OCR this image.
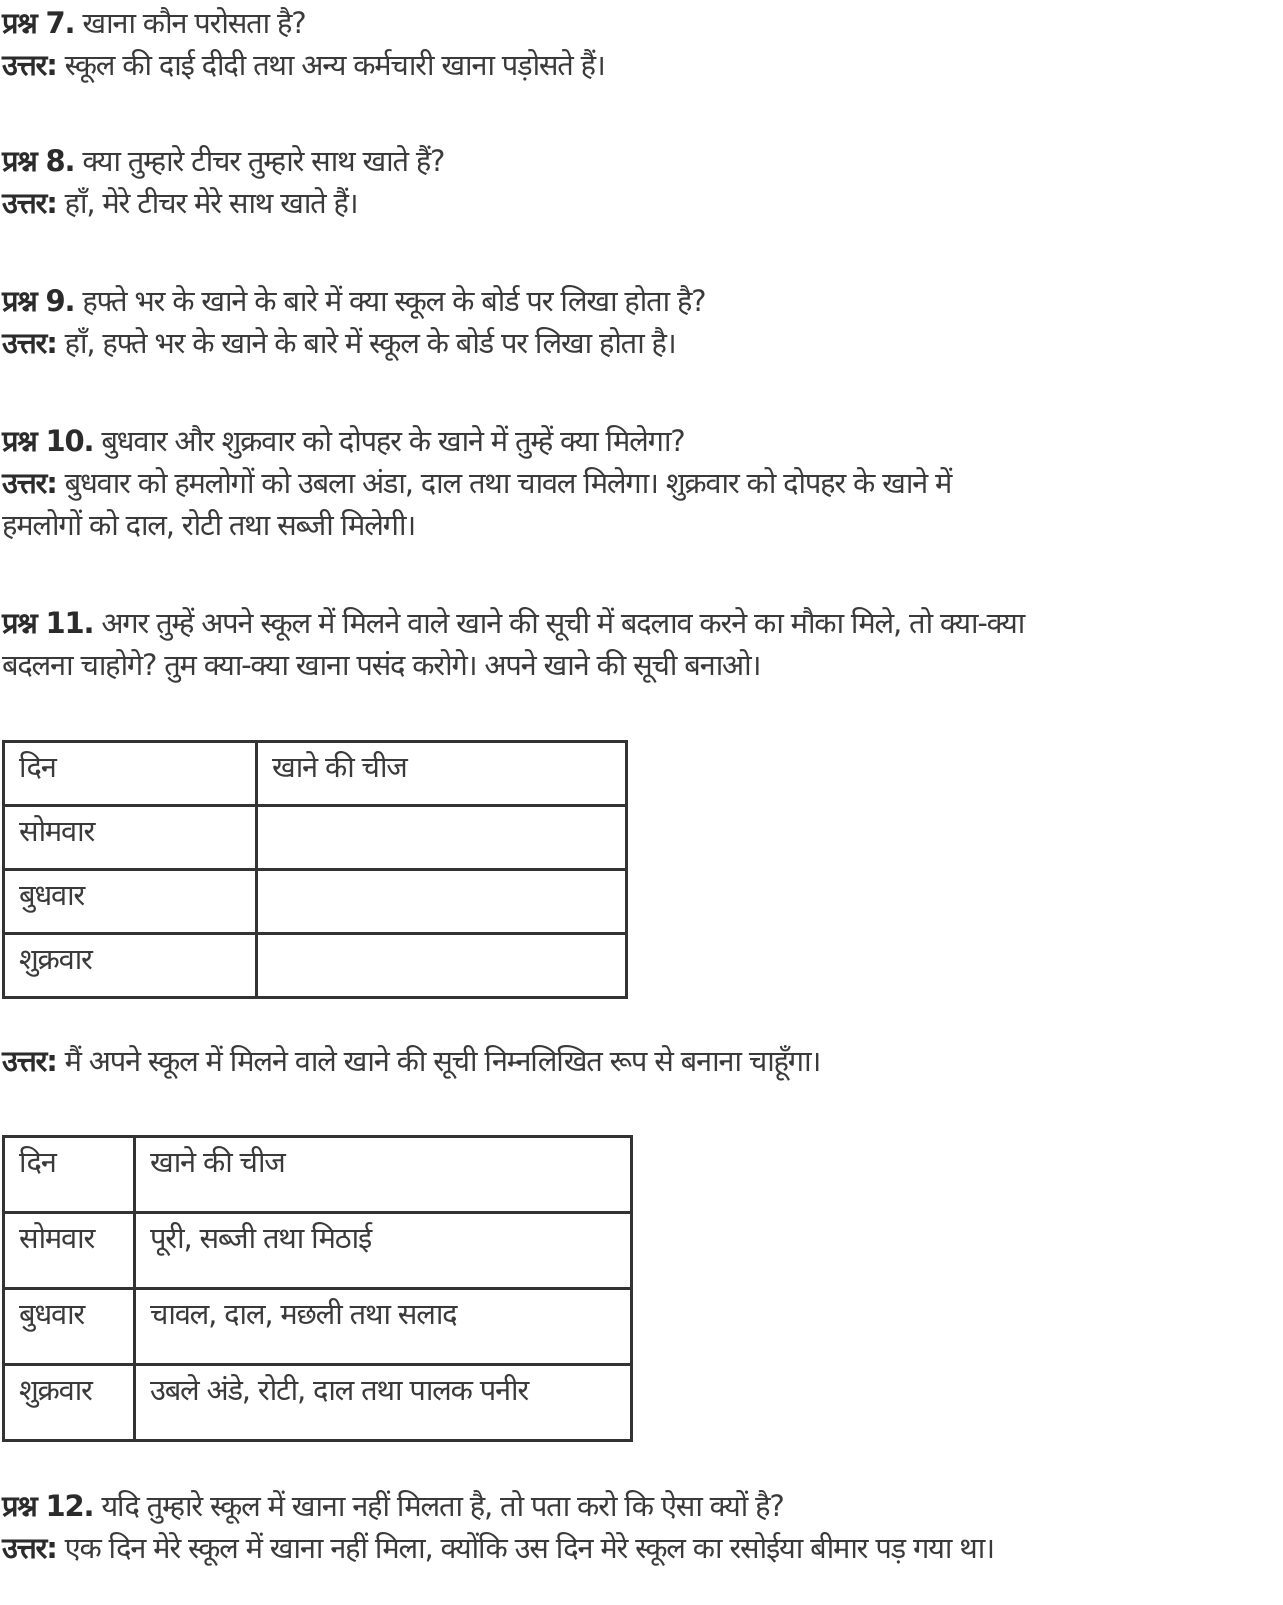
प्रश्न 7. खाना कौन परोसता है?
उत्तर: स्कूल की दाई दीदी तथा अन्य कर्मचारी खाना पड़ोसते हैं।
प्रश्न 8. क्या तुम्हारे टीचर तुम्हारे साथ खाते हैं?
उत्तर: हाँ, मेरे टीचर मेरे साथ खाते हैं।
प्रश्न 9. हफ्ते भर के खाने के बारे में क्या स्कूल के बोर्ड पर लिखा होता है?
उत्तर: हाँ, हफ्ते भर के खाने के बारे में स्कूल के बोर्ड पर लिखा होता है।
प्रश्न 10. बुधवार और शुक्रवार को दोपहर के खाने में तुम्हें क्या मिलेगा?
उत्तर: बुधवार को हमलोगों को उबला अंडा, दाल तथा चावल मिलेगा। शुक्रवार को दोपहर के खाने में
हमलोगों को दाल, रोटी तथा सब्जी मिलेगी।
प्रश्न 11. अगर तुम्हें अपने स्कूल में मिलने वाले खाने की सूची में बदलाव करने का मौका मिले, तो क्या-क्या
बदलना चाहोगे? तुम क्या-क्या खाना पसंद करोगे। अपने खाने की सूची बनाओ।
दिन	खाने की चीज
सोमवार	
बुधवार	
शुक्रवार	
उत्तर: मैं अपने स्कूल में मिलने वाले खाने की सूची निम्नलिखित रूप से बनाना चाहूँगा।
दिन	खाने की चीज
सोमवार	पूरी, सब्जी तथा मिठाई
बुधवार	चावल, दाल, मछली तथा सलाद
शुक्रवार	उबले अंडे, रोटी, दाल तथा पालक पनीर
प्रश्न 12. यदि तुम्हारे स्कूल में खाना नहीं मिलता है, तो पता करो कि ऐसा क्यों है?
उत्तर: एक दिन मेरे स्कूल में खाना नहीं मिला, क्योंकि उस दिन मेरे स्कूल का रसोईया बीमार पड़ गया था।
